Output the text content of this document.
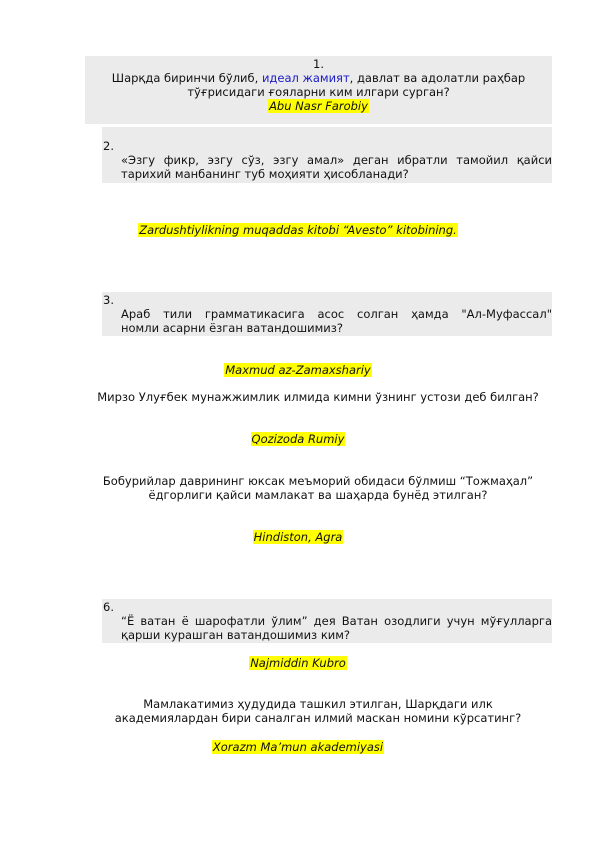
1.
Шарқда биринчи бўлиб, идеал жамият, давлат ва адолатли раҳбар
тўғрисидаги ғояларни ким илгари сурган?
Abu Nasr Farobiy
2.
«Эзгу фикр, эзгу сўз, эзгу амал» деган ибратли тамойил қайси
тарихий манбанинг туб моҳияти ҳисобланади?
Zardushtiylikning muqaddas kitobi “Avesto” kitobining.
3.
Араб тили грамматикасига асос солган ҳамда "Ал-Муфассал"
номли асарни ёзган ватандошимиз?
Maxmud az-Zamaxshariy
Мирзо Улуғбек мунажжимлик илмида кимни ўзнинг устози деб билган?
Qozizoda Rumiy
Бобурийлар даврининг юксак меъморий обидаси бўлмиш “Тожмаҳал”
ёдгорлиги қайси мамлакат ва шаҳарда бунёд этилган?
Hindiston, Agra
6.
“Ё ватан ё шарофатли ўлим” дея Ватан озодлиги учун мўғулларга
қарши курашган ватандошимиз ким?
Najmiddin Kubro
Мамлакатимиз ҳудудида ташкил этилган, Шарқдаги илк
академиялардан бири саналган илмий маскан номини кўрсатинг?
Xorazm Ma’mun akademiyasi
